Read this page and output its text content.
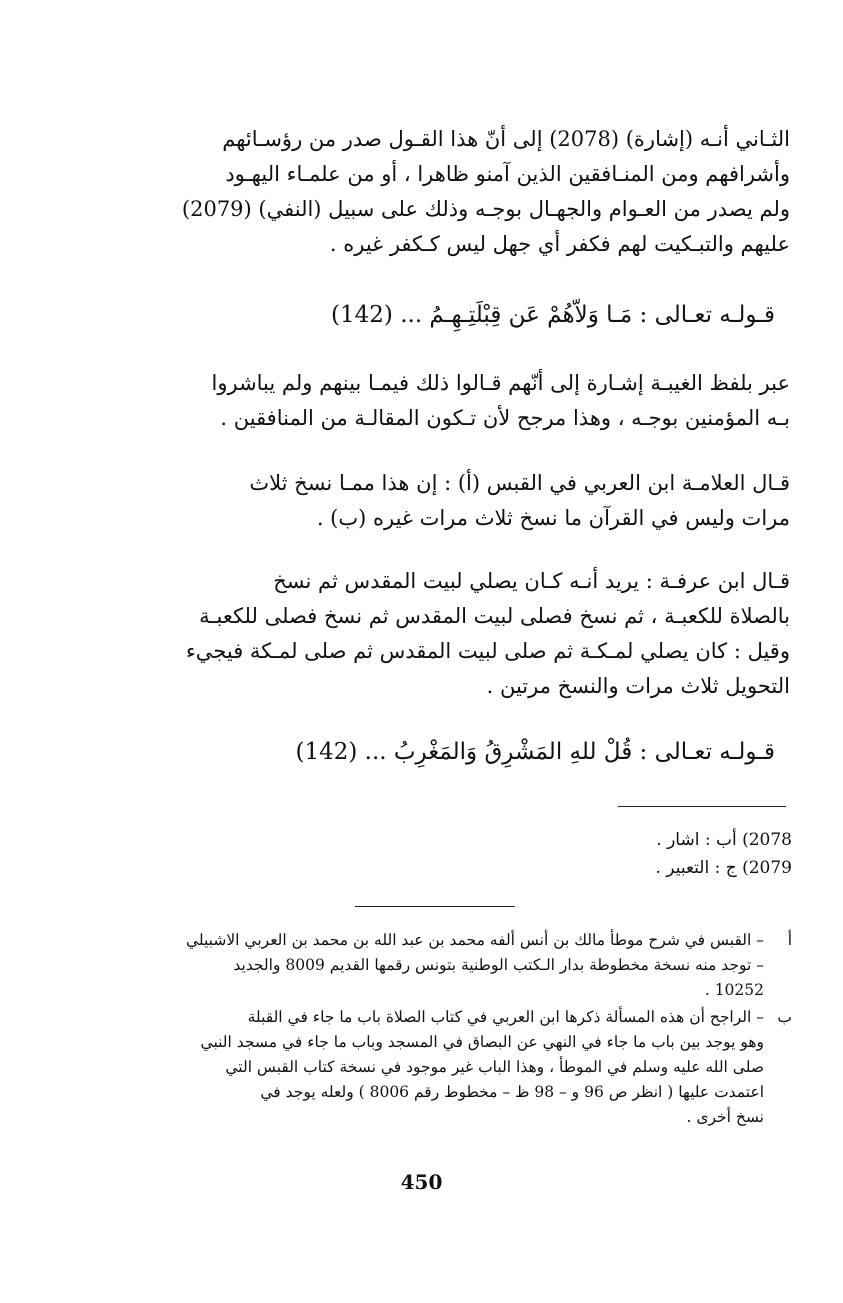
الثـاني أنـه (إشارة) (2078) إلى أنّ هذا القـول صدر من رؤسـائهم
وأشرافهم ومن المنـافقين الذين آمنو ظاهرا ، أو من علمـاء اليهـود
ولم يصدر من العـوام والجهـال بوجـه وذلك على سبيل (النفي) (2079)
عليهم والتبـكيت لهم فكفر أي جهل ليس كـكفر غيره .
قـولـه تعـالى : مَـا وَلاّهُمْ عَن قِبْلَتِـهِـمُ ... (142)
عبر بلفظ الغيبـة إشـارة إلى أنّهم قـالوا ذلك فيمـا بينهم ولم يباشروا
بـه المؤمنين بوجـه ، وهذا مرجح لأن تـكون المقالـة من المنافقين .
قـال العلامـة ابن العربي في القبس (أ) : إن هذا ممـا نسخ ثلاث
مرات وليس في القرآن ما نسخ ثلاث مرات غيره (ب) .
قـال ابن عرفـة : يريد أنـه كـان يصلي لبيت المقدس ثم نسخ
بالصلاة للكعبـة ، ثم نسخ فصلى لبيت المقدس ثم نسخ فصلى للكعبـة
وقيل : كان يصلي لمـكـة ثم صلى لبيت المقدس ثم صلى لمـكة فيجيء
التحويل ثلاث مرات والنسخ مرتين .
قـولـه تعـالى : قُلْ للهِ المَشْرِقُ وَالمَغْرِبُ ... (142)
2078) أب : اشار .
2079) ج : التعبير .
أ
– القبس في شرح موطأ مالك بن أنس ألفه محمد بن عبد الله بن محمد بن العربي الاشبيلي
– توجد منه نسخة مخطوطة بدار الـكتب الوطنية بتونس رقمها القديم 8009 والجديد
10252 .
ب
– الراجح أن هذه المسألة ذكرها ابن العربي في كتاب الصلاة باب ما جاء في القبلة
وهو يوجد بين باب ما جاء في النهي عن البصاق في المسجد وباب ما جاء في مسجد النبي
صلى الله عليه وسلم في الموطأ ، وهذا الباب غير موجود في نسخة كتاب القبس التي
اعتمدت عليها ( انظر ص 96 و – 98 ظ – مخطوط رقم 8006 ) ولعله يوجد في
نسخ أخرى .
450
